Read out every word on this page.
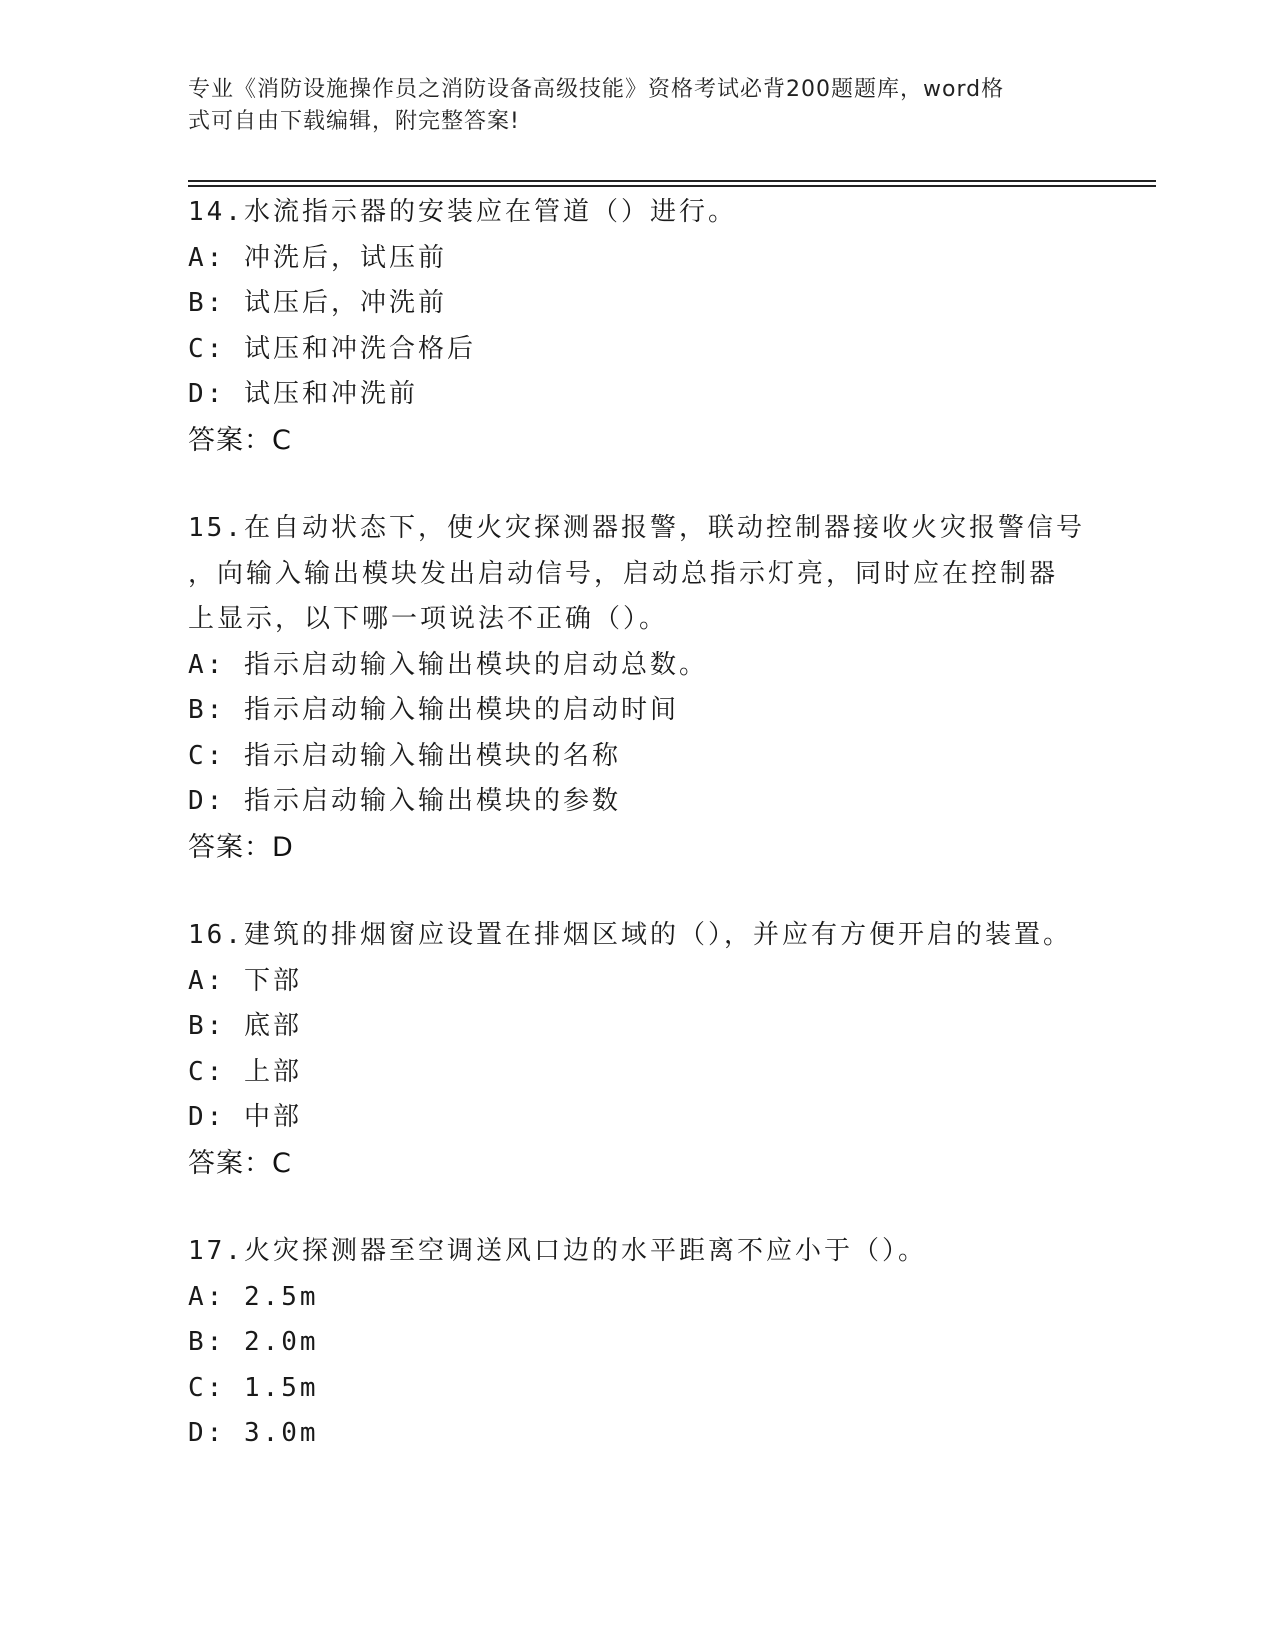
专业《消防设施操作员之消防设备高级技能》资格考试必背200题题库，word格
式可自由下载编辑，附完整答案!
14.水流指示器的安装应在管道（）进行。
A: 冲洗后，试压前
B: 试压后，冲洗前
C: 试压和冲洗合格后
D: 试压和冲洗前
答案：C
15.在自动状态下，使火灾探测器报警，联动控制器接收火灾报警信号
，向输入输出模块发出启动信号，启动总指示灯亮，同时应在控制器
上显示，以下哪一项说法不正确（）。
A: 指示启动输入输出模块的启动总数。
B: 指示启动输入输出模块的启动时间
C: 指示启动输入输出模块的名称
D: 指示启动输入输出模块的参数
答案：D
16.建筑的排烟窗应设置在排烟区域的（），并应有方便开启的装置。
A: 下部
B: 底部
C: 上部
D: 中部
答案：C
17.火灾探测器至空调送风口边的水平距离不应小于（）。
A: 2.5m
B: 2.0m
C: 1.5m
D: 3.0m
